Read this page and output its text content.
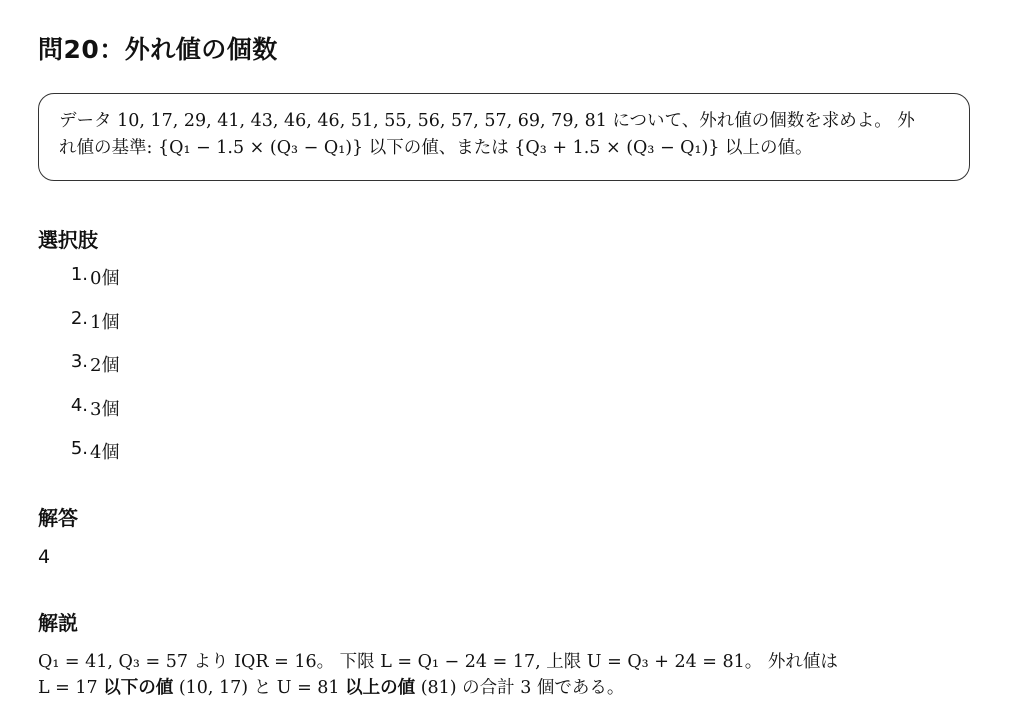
問20：外れ値の個数
データ 10, 17, 29, 41, 43, 46, 46, 51, 55, 56, 57, 57, 69, 79, 81 について、外れ値の個数を求めよ。 外
れ値の基準: {Q₁ − 1.5 × (Q₃ − Q₁)} 以下の値、または {Q₃ + 1.5 × (Q₃ − Q₁)} 以上の値。
選択肢
1. 0個
2. 1個
3. 2個
4. 3個
5. 4個
解答
4
解説
Q₁ = 41, Q₃ = 57 より IQR = 16。 下限 L = Q₁ − 24 = 17, 上限 U = Q₃ + 24 = 81。 外れ値は
L = 17 以下の値 (10, 17) と U = 81 以上の値 (81) の合計 3 個である。
